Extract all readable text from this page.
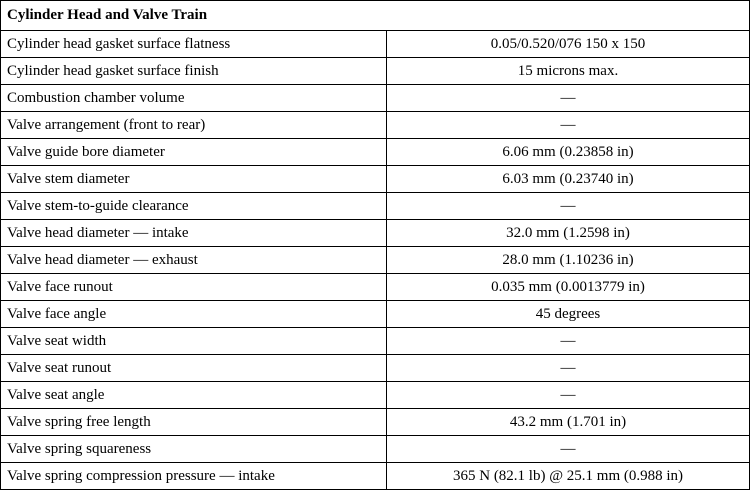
Cylinder Head and Valve Train	
Cylinder head gasket surface flatness	0.05/0.520/076 150 x 150
Cylinder head gasket surface finish	15 microns max.
Combustion chamber volume	—
Valve arrangement (front to rear)	—
Valve guide bore diameter	6.06 mm (0.23858 in)
Valve stem diameter	6.03 mm (0.23740 in)
Valve stem-to-guide clearance	—
Valve head diameter — intake	32.0 mm (1.2598 in)
Valve head diameter — exhaust	28.0 mm (1.10236 in)
Valve face runout	0.035 mm (0.0013779 in)
Valve face angle	45 degrees
Valve seat width	—
Valve seat runout	—
Valve seat angle	—
Valve spring free length	43.2 mm (1.701 in)
Valve spring squareness	—
Valve spring compression pressure — intake	365 N (82.1 lb) @ 25.1 mm (0.988 in)
